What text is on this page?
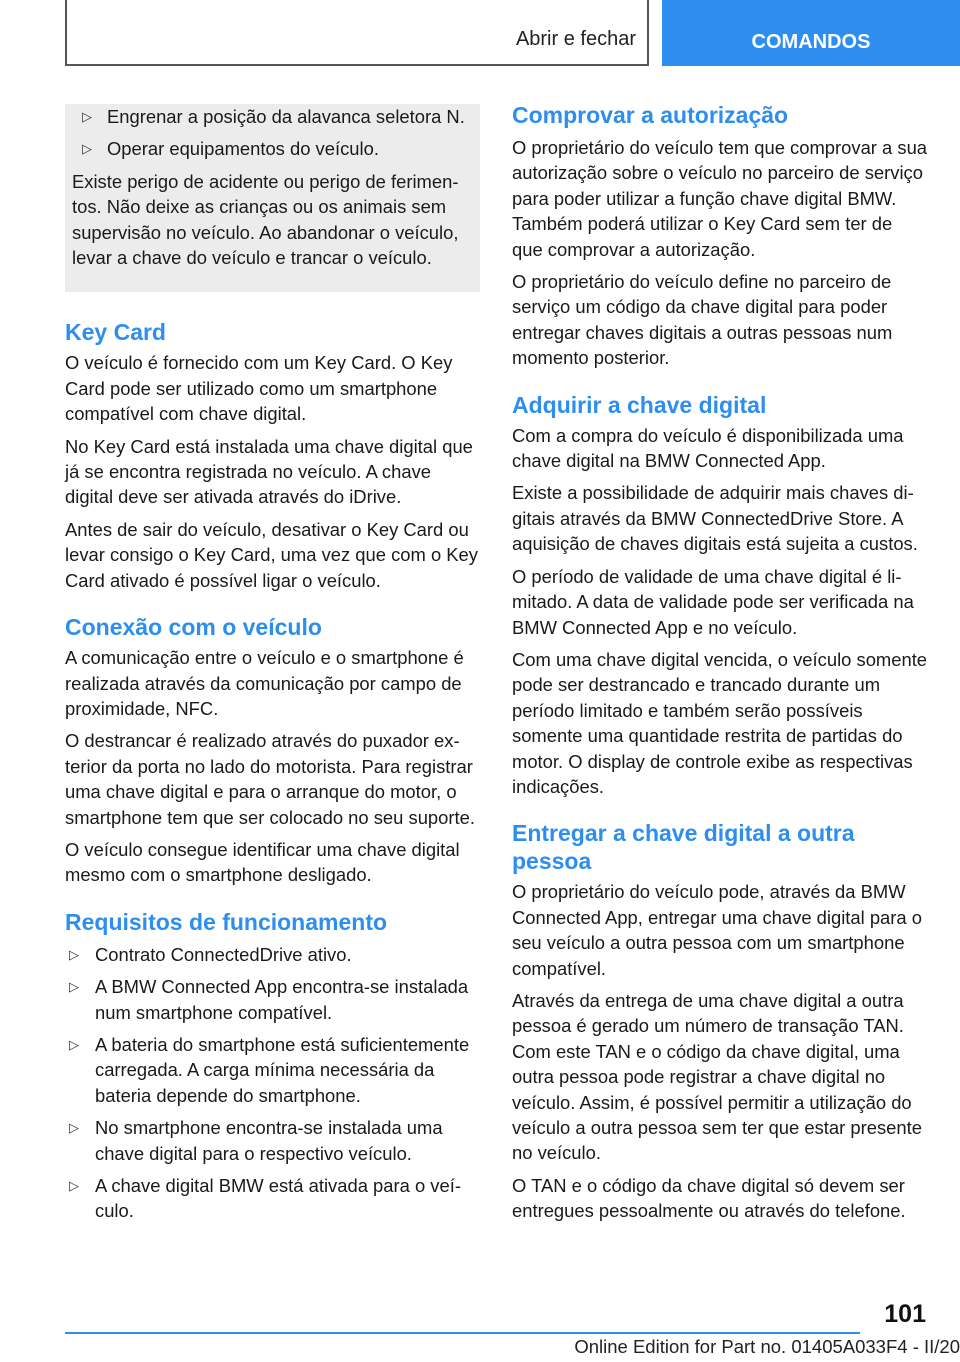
Abrir e fechar	COMANDOS
▷ Engrenar a posição da alavanca seletora N.
▷ Operar equipamentos do veículo.

Existe perigo de acidente ou perigo de ferimentos. Não deixe as crianças ou os animais sem supervisão no veículo. Ao abandonar o veículo, levar a chave do veículo e trancar o veículo.

Key Card

O veículo é fornecido com um Key Card. O Key Card pode ser utilizado como um smartphone compatível com chave digital.

No Key Card está instalada uma chave digital que já se encontra registrada no veículo. A chave digital deve ser ativada através do iDrive.

Antes de sair do veículo, desativar o Key Card ou levar consigo o Key Card, uma vez que com o Key Card ativado é possível ligar o veículo.

Conexão com o veículo

A comunicação entre o veículo e o smartphone é realizada através da comunicação por campo de proximidade, NFC.

O destrancar é realizado através do puxador exterior da porta no lado do motorista. Para registrar uma chave digital e para o arranque do motor, o smartphone tem que ser colocado no seu suporte.

O veículo consegue identificar uma chave digital mesmo com o smartphone desligado.

Requisitos de funcionamento
▷ Contrato ConnectedDrive ativo.
▷ A BMW Connected App encontra-se instalada num smartphone compatível.
▷ A bateria do smartphone está suficientemente carregada. A carga mínima necessária da bateria depende do smartphone.
▷ No smartphone encontra-se instalada uma chave digital para o respectivo veículo.
▷ A chave digital BMW está ativada para o veículo.
Comprovar a autorização

O proprietário do veículo tem que comprovar a sua autorização sobre o veículo no parceiro de serviço para poder utilizar a função chave digital BMW. Também poderá utilizar o Key Card sem ter de que comprovar a autorização.

O proprietário do veículo define no parceiro de serviço um código da chave digital para poder entregar chaves digitais a outras pessoas num momento posterior.

Adquirir a chave digital

Com a compra do veículo é disponibilizada uma chave digital na BMW Connected App.

Existe a possibilidade de adquirir mais chaves digitais através da BMW ConnectedDrive Store. A aquisição de chaves digitais está sujeita a custos.

O período de validade de uma chave digital é limitado. A data de validade pode ser verificada na BMW Connected App e no veículo.

Com uma chave digital vencida, o veículo somente pode ser destrancado e trancado durante um período limitado e também serão possíveis somente uma quantidade restrita de partidas do motor. O display de controle exibe as respectivas indicações.

Entregar a chave digital a outra pessoa

O proprietário do veículo pode, através da BMW Connected App, entregar uma chave digital para o seu veículo a outra pessoa com um smartphone compatível.

Através da entrega de uma chave digital a outra pessoa é gerado um número de transação TAN. Com este TAN e o código da chave digital, uma outra pessoa pode registrar a chave digital no veículo. Assim, é possível permitir a utilização do veículo a outra pessoa sem ter que estar presente no veículo.

O TAN e o código da chave digital só devem ser entregues pessoalmente ou através do telefone.

101
Online Edition for Part no. 01405A033F4 - II/20
